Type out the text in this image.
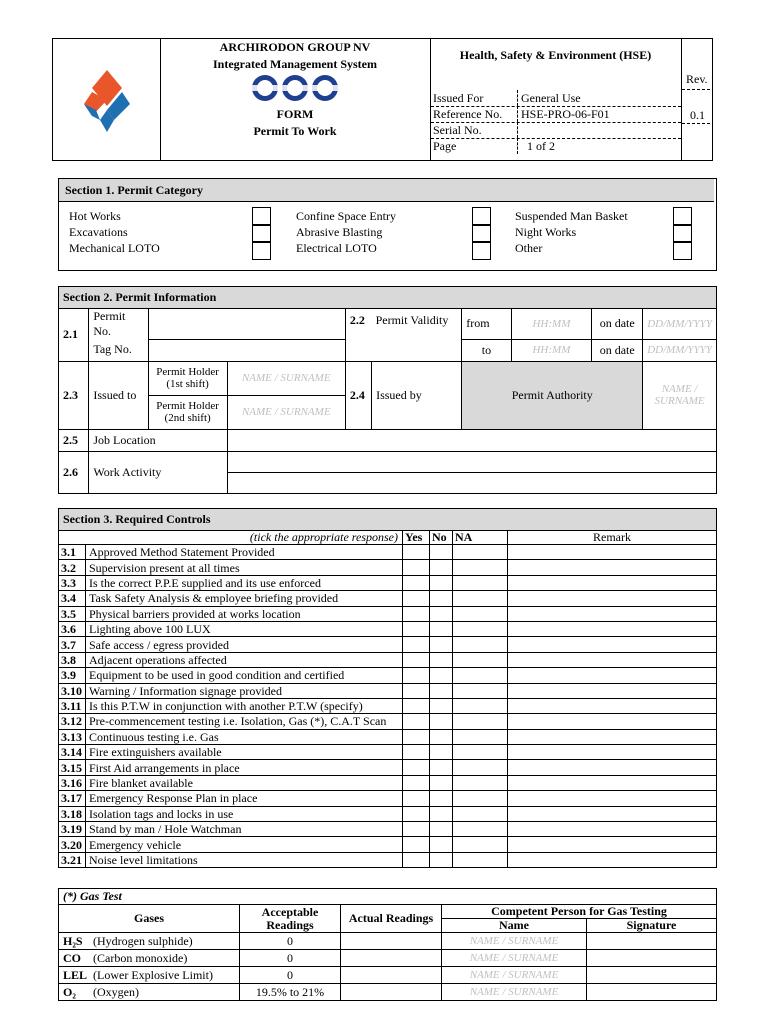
ARCHIRODON GROUP NV
Integrated Management System
FORM
Permit To Work
Health, Safety & Environment (HSE)
Rev.
0.1
Issued For	General Use
Reference No. HSE-PRO-06-F01
Serial No.
Page	1 of 2
Section 1. Permit Category
Hot Works
Excavations
Mechanical LOTO
Confine Space Entry
Abrasive Blasting
Electrical LOTO
Suspended Man Basket
Night Works
Other
Section 2. Permit Information									
2.1	Permit No.			2.2	Permit Validity	from	HH:MM	on date	DD/MM/YYYY
	Tag No.					to	HH:MM	on date	DD/MM/YYYY
2.3	Issued to	Permit Holder (1st shift)	NAME / SURNAME	2.4	Issued by	Permit Authority			NAME / SURNAME
		Permit Holder (2nd shift)	NAME / SURNAME						
2.5	Job Location								
2.6	Work Activity								

Section 3. Required Controls					
(tick the appropriate response)		Yes	No	NA	Remark
3.1	Approved Method Statement Provided				
3.2	Supervision present at all times				
3.3	Is the correct P.P.E supplied and its use enforced				
3.4	Task Safety Analysis & employee briefing provided				
3.5	Physical barriers provided at works location				
3.6	Lighting above 100 LUX				
3.7	Safe access / egress provided				
3.8	Adjacent operations affected				
3.9	Equipment to be used in good condition and certified				
3.10	Warning / Information signage provided				
3.11	Is this P.T.W in conjunction with another P.T.W (specify)				
3.12	Pre-commencement testing i.e. Isolation, Gas (*), C.A.T Scan				
3.13	Continuous testing i.e. Gas				
3.14	Fire extinguishers available				
3.15	First Aid arrangements in place				
3.16	Fire blanket available				
3.17	Emergency Response Plan in place				
3.18	Isolation tags and locks in use				
3.19	Stand by man / Hole Watchman				
3.20	Emergency vehicle				
3.21	Noise level limitations				
(*) Gas Test				
Gases	Acceptable Readings	Actual Readings	Competent Person for Gas Testing	
			Name	Signature
H₂S (Hydrogen sulphide)	0		NAME / SURNAME	
CO (Carbon monoxide)	0		NAME / SURNAME	
LEL (Lower Explosive Limit)	0		NAME / SURNAME	
O₂ (Oxygen)	19.5% to 21%		NAME / SURNAME	
